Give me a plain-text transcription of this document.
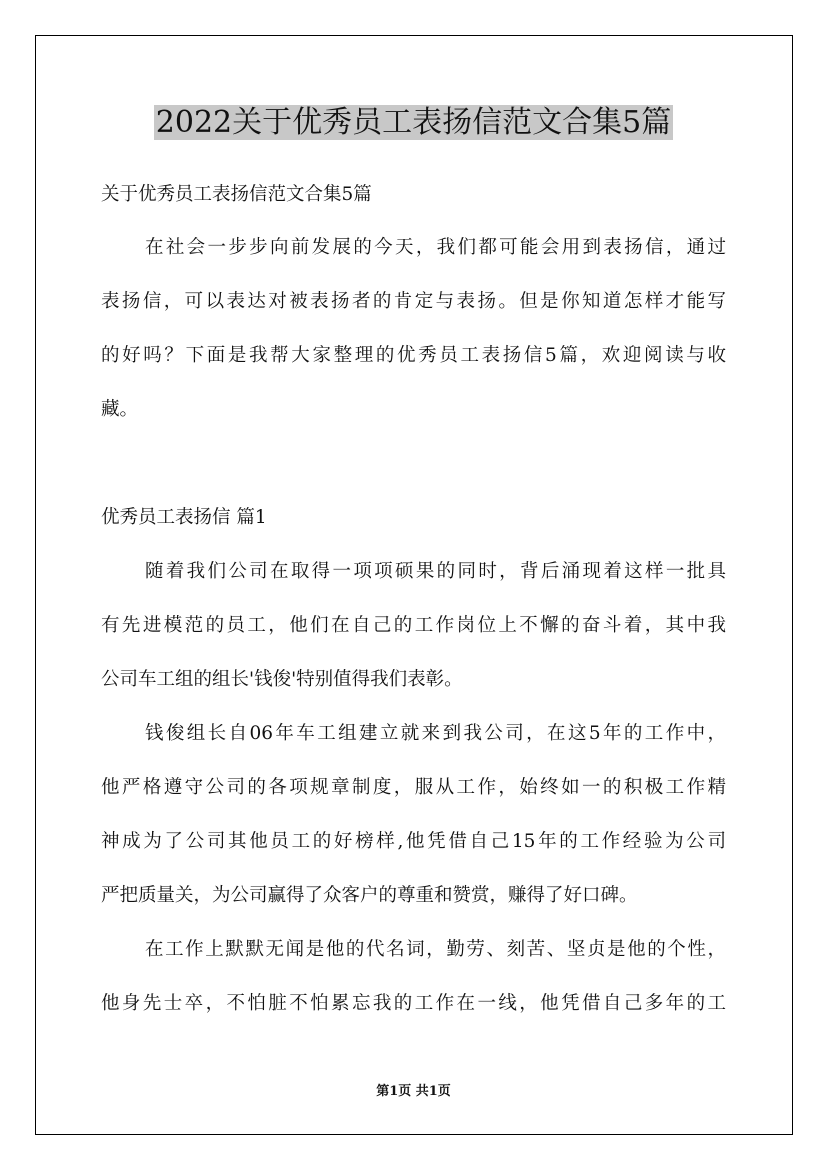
2022关于优秀员工表扬信范文合集5篇
关于优秀员工表扬信范文合集5篇
在社会一步步向前发展的今天，我们都可能会用到表扬信，通过
表扬信，可以表达对被表扬者的肯定与表扬。但是你知道怎样才能写
的好吗？下面是我帮大家整理的优秀员工表扬信5篇，欢迎阅读与收
藏。
优秀员工表扬信 篇1
随着我们公司在取得一项项硕果的同时，背后涌现着这样一批具
有先进模范的员工，他们在自己的工作岗位上不懈的奋斗着，其中我
公司车工组的组长'钱俊'特别值得我们表彰。
钱俊组长自06年车工组建立就来到我公司，在这5年的工作中，
他严格遵守公司的各项规章制度，服从工作，始终如一的积极工作精
神成为了公司其他员工的好榜样,他凭借自己15年的工作经验为公司
严把质量关，为公司赢得了众客户的尊重和赞赏，赚得了好口碑。
在工作上默默无闻是他的代名词，勤劳、刻苦、坚贞是他的个性，
他身先士卒，不怕脏不怕累忘我的工作在一线，他凭借自己多年的工
第1页 共1页
